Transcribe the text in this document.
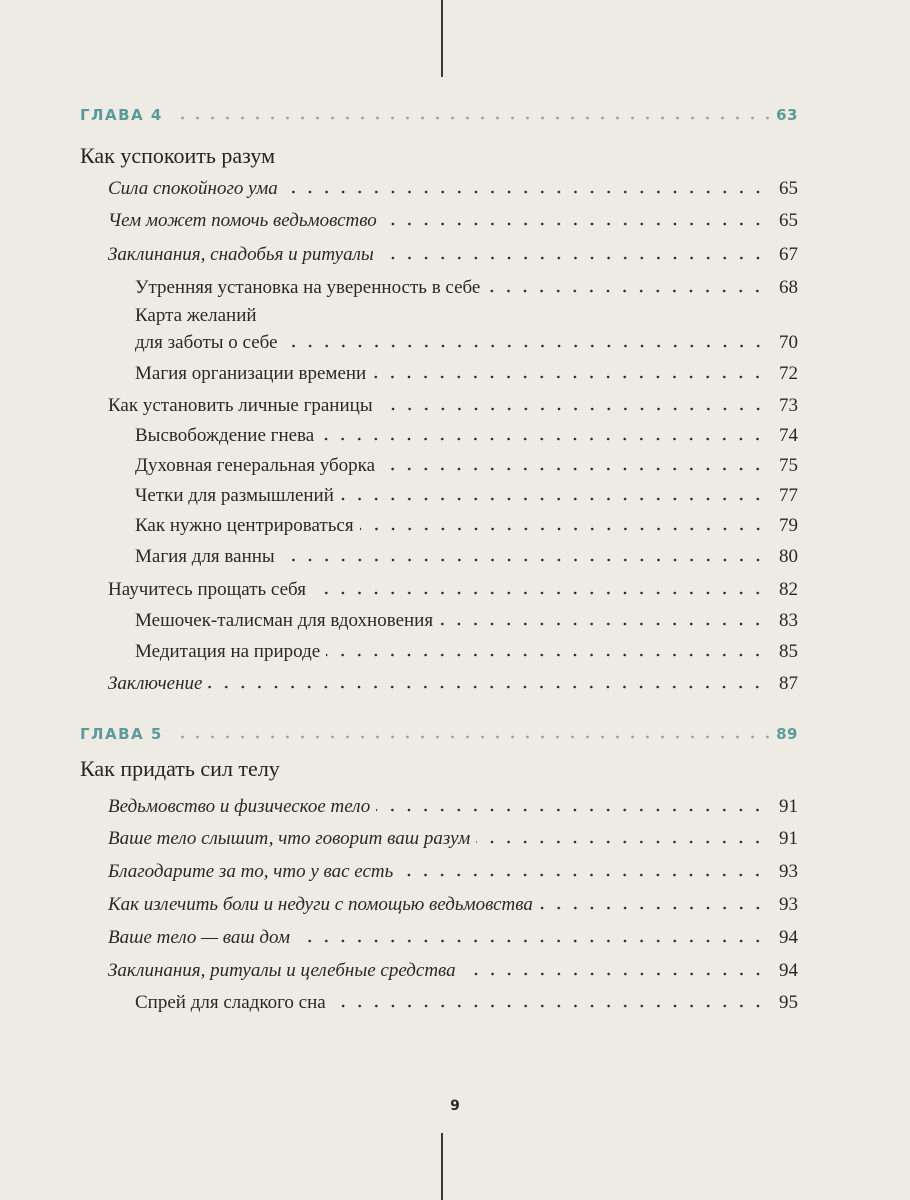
ГЛАВА 4	63
Как успокоить разум
Сила спокойного ума	65
Чем может помочь ведьмовство	65
Заклинания, снадобья и ритуалы	67
Утренняя установка на уверенность в себе	68
Карта желаний
для заботы о себе	70
Магия организации времени	72
Как установить личные границы	73
Высвобождение гнева	74
Духовная генеральная уборка	75
Четки для размышлений	77
Как нужно центрироваться	79
Магия для ванны	80
Научитесь прощать себя	82
Мешочек-талисман для вдохновения	83
Медитация на природе	85
Заключение	87
ГЛАВА 5	89
Как придать сил телу
Ведьмовство и физическое тело	91
Ваше тело слышит, что говорит ваш разум	91
Благодарите за то, что у вас есть	93
Как излечить боли и недуги с помощью ведьмовства	93
Ваше тело — ваш дом	94
Заклинания, ритуалы и целебные средства	94
Спрей для сладкого сна	95
9
